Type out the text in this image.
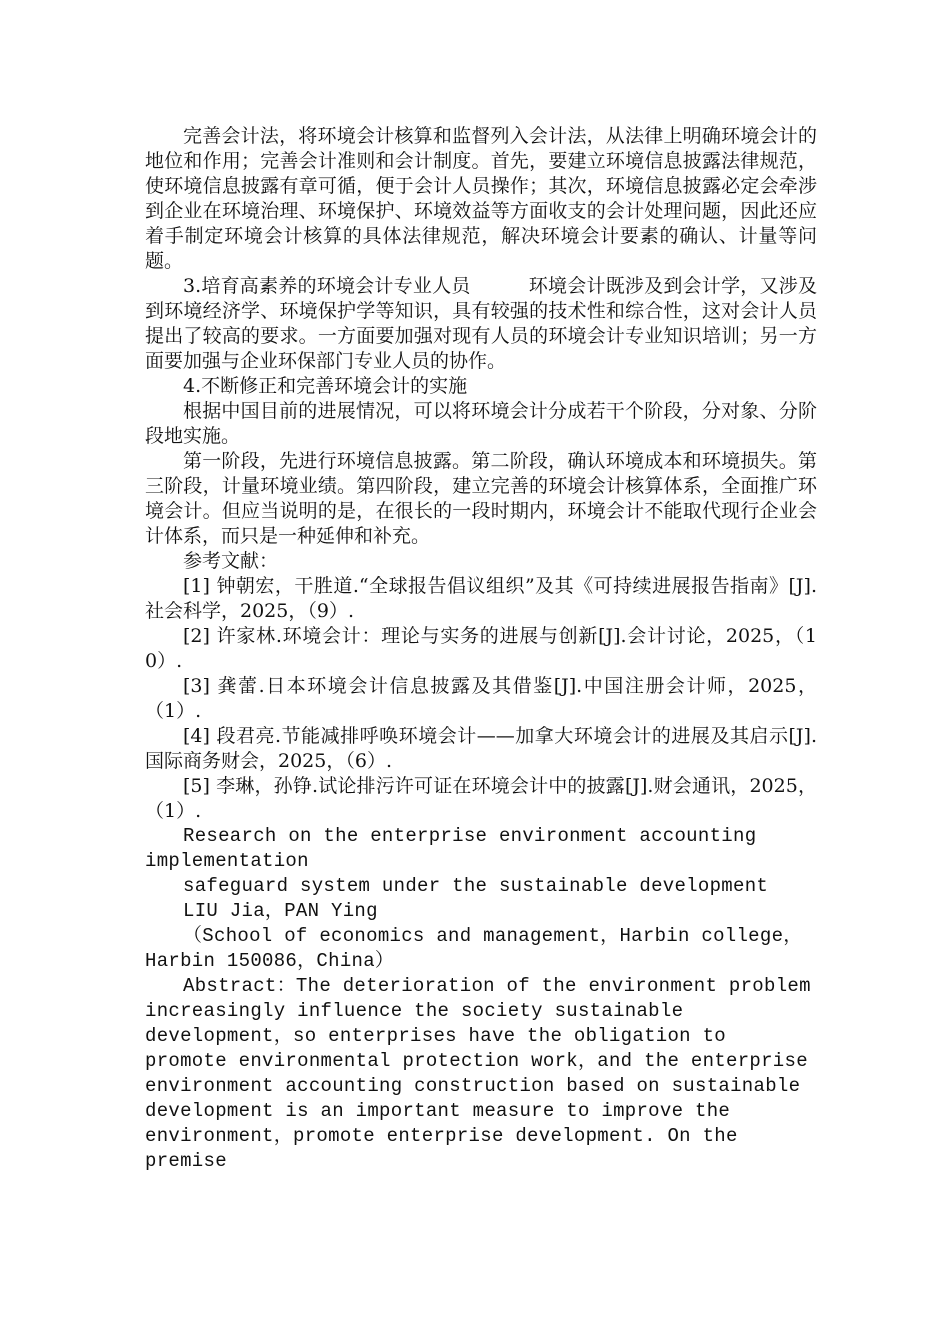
完善会计法，将环境会计核算和监督列入会计法，从法律上明确环境会计的地位和作用；完善会计准则和会计制度。首先，要建立环境信息披露法律规范，使环境信息披露有章可循，便于会计人员操作；其次，环境信息披露必定会牵涉到企业在环境治理、环境保护、环境效益等方面收支的会计处理问题，因此还应着手制定环境会计核算的具体法律规范，解决环境会计要素的确认、计量等问题。

3.培育高素养的环境会计专业人员	环境会计既涉及到会计学，又涉及到环境经济学、环境保护学等知识，具有较强的技术性和综合性，这对会计人员提出了较高的要求。一方面要加强对现有人员的环境会计专业知识培训；另一方面要加强与企业环保部门专业人员的协作。

4.不断修正和完善环境会计的实施

根据中国目前的进展情况，可以将环境会计分成若干个阶段，分对象、分阶段地实施。

第一阶段，先进行环境信息披露。第二阶段，确认环境成本和环境损失。第三阶段，计量环境业绩。第四阶段，建立完善的环境会计核算体系，全面推广环境会计。但应当说明的是，在很长的一段时期内，环境会计不能取代现行企业会计体系，而只是一种延伸和补充。

参考文献：

[1] 钟朝宏，干胜道.“全球报告倡议组织”及其《可持续进展报告指南》[J].社会科学，2025，（9）.

[2] 许家林.环境会计：理论与实务的进展与创新[J].会计讨论，2025，（10）.

[3] 龚蕾.日本环境会计信息披露及其借鉴[J].中国注册会计师，2025，（1）.

[4] 段君亮.节能减排呼唤环境会计——加拿大环境会计的进展及其启示[J].国际商务财会，2025，（6）.

[5] 李琳，孙铮.试论排污许可证在环境会计中的披露[J].财会通讯，2025，（1）.

Research on the enterprise environment accounting implementation

safeguard system under the sustainable development

LIU Jia，PAN Ying

（School of economics and management，Harbin college，Harbin 150086，China）

Abstract：The deterioration of the environment problem increasingly influence the society sustainable development，so enterprises have the obligation to promote environmental protection work，and the enterprise environment accounting construction based on sustainable development is an important measure to improve the environment，promote enterprise development. On the premise
